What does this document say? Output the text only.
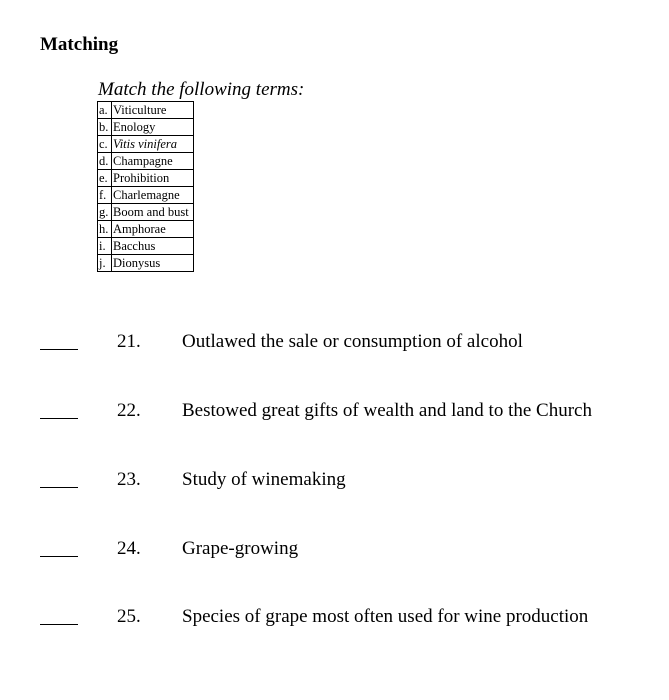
Matching

Match the following terms:

a.	Viticulture
b.	Enology
c.	Vitis vinifera
d.	Champagne
e.	Prohibition
f.	Charlemagne
g.	Boom and bust
h.	Amphorae
i.	Bacchus
j.	Dionysus
21. Outlawed the sale or consumption of alcohol
22. Bestowed great gifts of wealth and land to the Church
23. Study of winemaking
24. Grape-growing
25. Species of grape most often used for wine production
